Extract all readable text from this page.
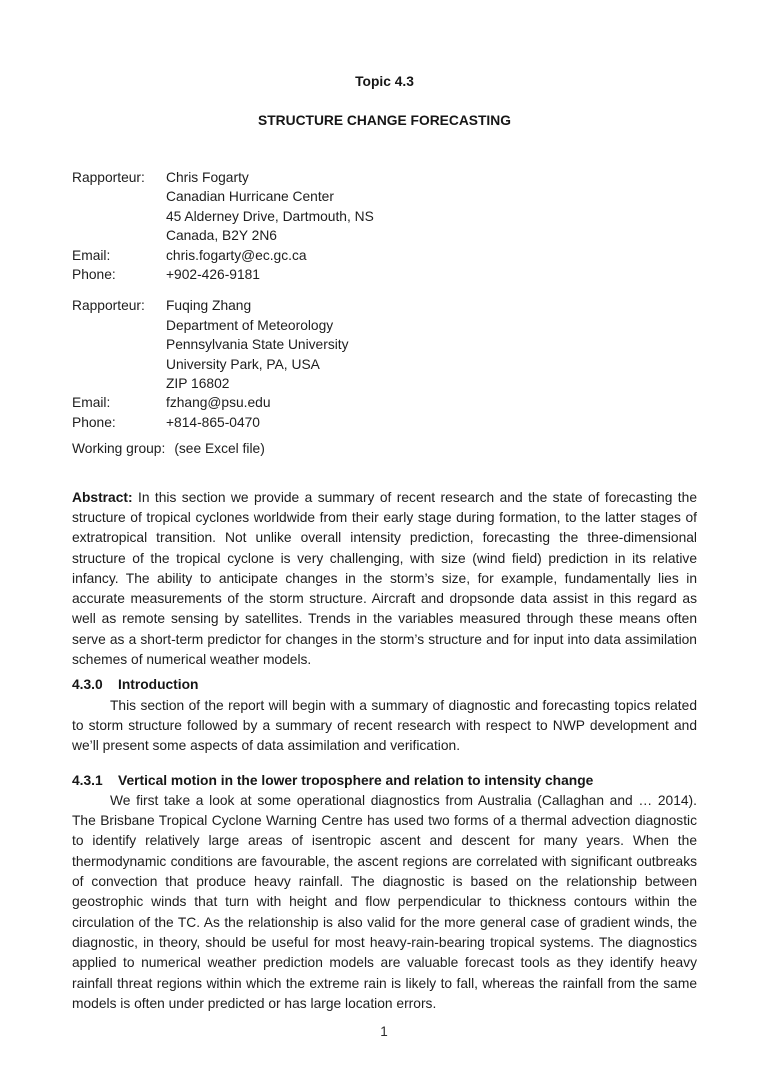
Topic 4.3
STRUCTURE CHANGE FORECASTING
Rapporteur:	Chris Fogarty
Canadian Hurricane Center
45 Alderney Drive, Dartmouth, NS
Canada, B2Y 2N6
Email:	chris.fogarty@ec.gc.ca
Phone:	+902-426-9181
Rapporteur:	Fuqing Zhang
Department of Meteorology
Pennsylvania State University
University Park, PA, USA
ZIP 16802
Email:	fzhang@psu.edu
Phone:	+814-865-0470
Working group: (see Excel file)

Abstract: In this section we provide a summary of recent research and the state of forecasting the structure of tropical cyclones worldwide from their early stage during formation, to the latter stages of extratropical transition. Not unlike overall intensity prediction, forecasting the three-dimensional structure of the tropical cyclone is very challenging, with size (wind field) prediction in its relative infancy. The ability to anticipate changes in the storm’s size, for example, fundamentally lies in accurate measurements of the storm structure. Aircraft and dropsonde data assist in this regard as well as remote sensing by satellites. Trends in the variables measured through these means often serve as a short-term predictor for changes in the storm’s structure and for input into data assimilation schemes of numerical weather models.

4.3.0 Introduction

This section of the report will begin with a summary of diagnostic and forecasting topics related to storm structure followed by a summary of recent research with respect to NWP development and we’ll present some aspects of data assimilation and verification.

4.3.1 Vertical motion in the lower troposphere and relation to intensity change

We first take a look at some operational diagnostics from Australia (Callaghan and … 2014). The Brisbane Tropical Cyclone Warning Centre has used two forms of a thermal advection diagnostic to identify relatively large areas of isentropic ascent and descent for many years. When the thermodynamic conditions are favourable, the ascent regions are correlated with significant outbreaks of convection that produce heavy rainfall. The diagnostic is based on the relationship between geostrophic winds that turn with height and flow perpendicular to thickness contours within the circulation of the TC. As the relationship is also valid for the more general case of gradient winds, the diagnostic, in theory, should be useful for most heavy-rain-bearing tropical systems. The diagnostics applied to numerical weather prediction models are valuable forecast tools as they identify heavy rainfall threat regions within which the extreme rain is likely to fall, whereas the rainfall from the same models is often under predicted or has large location errors.

1
